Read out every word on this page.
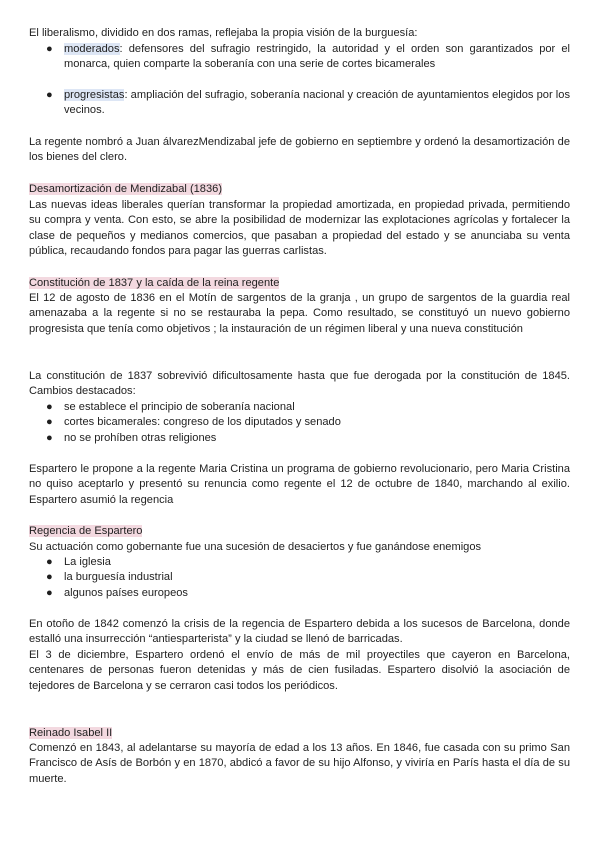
El liberalismo, dividido en dos ramas, reflejaba la propia visión de la burguesía:

● moderados: defensores del sufragio restringido, la autoridad y el orden son garantizados por el monarca, quien comparte la soberanía con una serie de cortes bicamerales
● progresistas: ampliación del sufragio, soberanía nacional y creación de ayuntamientos elegidos por los vecinos.

La regente nombró a Juan álvarezMendizabal jefe de gobierno en septiembre y ordenó la desamortización de los bienes del clero.

Desamortización de Mendizabal (1836)

Las nuevas ideas liberales querían transformar la propiedad amortizada, en propiedad privada, permitiendo su compra y venta. Con esto, se abre la posibilidad de modernizar las explotaciones agrícolas y fortalecer la clase de pequeños y medianos comercios, que pasaban a propiedad del estado y se anunciaba su venta pública, recaudando fondos para pagar las guerras carlistas.

Constitución de 1837 y la caída de la reina regente

El 12 de agosto de 1836 en el Motín de sargentos de la granja , un grupo de sargentos de la guardia real amenazaba a la regente si no se restauraba la pepa. Como resultado, se constituyó un nuevo gobierno progresista que tenía como objetivos ; la instauración de un régimen liberal y una nueva constitución

La constitución de 1837 sobrevivió dificultosamente hasta que fue derogada por la constitución de 1845. Cambios destacados:

● se establece el principio de soberanía nacional
● cortes bicamerales: congreso de los diputados y senado
● no se prohíben otras religiones

Espartero le propone a la regente Maria Cristina un programa de gobierno revolucionario, pero Maria Cristina no quiso aceptarlo y presentó su renuncia como regente el 12 de octubre de 1840, marchando al exilio. Espartero asumió la regencia

Regencia de Espartero

Su actuación como gobernante fue una sucesión de desaciertos y fue ganándose enemigos

● La iglesia
● la burguesía industrial
● algunos países europeos

En otoño de 1842 comenzó la crisis de la regencia de Espartero debida a los sucesos de Barcelona, donde estalló una insurrección “antiesparterista” y la ciudad se llenó de barricadas.

El 3 de diciembre, Espartero ordenó el envío de más de mil proyectiles que cayeron en Barcelona, centenares de personas fueron detenidas y más de cien fusiladas. Espartero disolvió la asociación de tejedores de Barcelona y se cerraron casi todos los periódicos.

Reinado Isabel II

Comenzó en 1843, al adelantarse su mayoría de edad a los 13 años. En 1846, fue casada con su primo San Francisco de Asís de Borbón y en 1870, abdicó a favor de su hijo Alfonso, y viviría en París hasta el día de su muerte.
